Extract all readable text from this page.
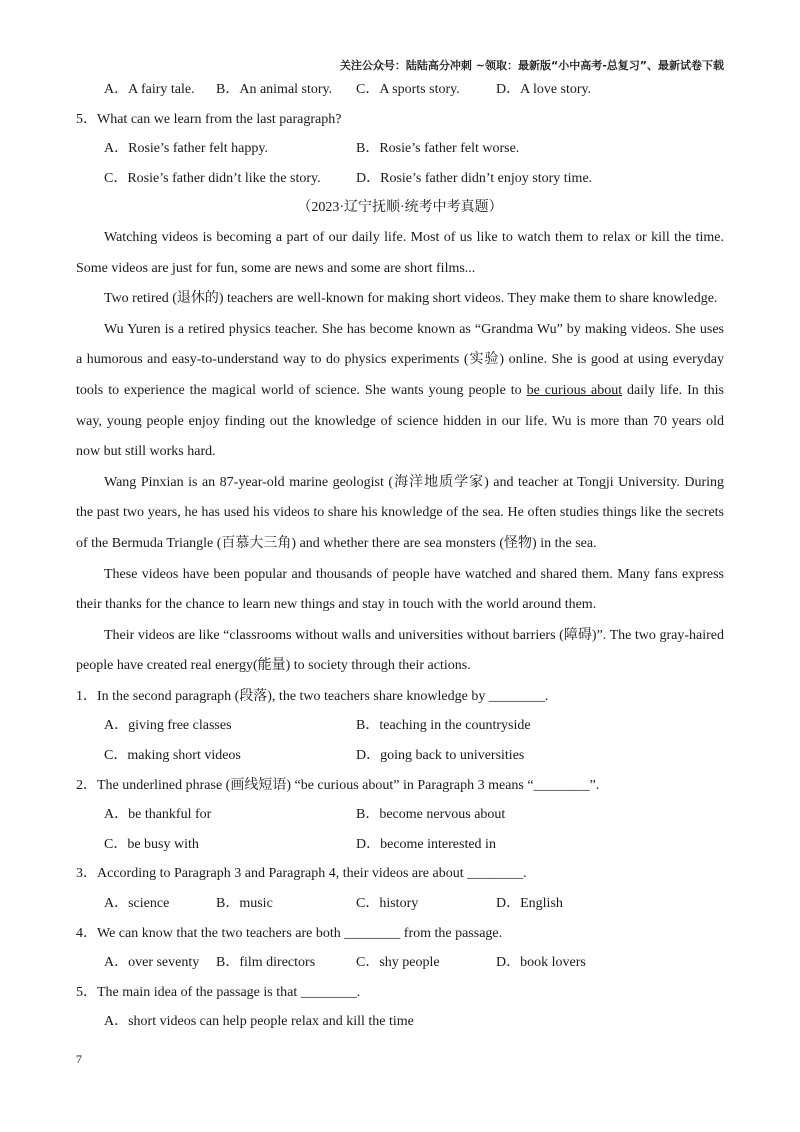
关注公众号：陆陆高分冲刺 ~领取：最新版“小中高考-总复习”、最新试卷下载
A．A fairy tale. B．An animal story. C．A sports story.	D．A love story.
5．What can we learn from the last paragraph?
A．Rosie’s father felt happy.	B．Rosie’s father felt worse.
C．Rosie’s father didn’t like the story.	D．Rosie’s father didn’t enjoy story time.
（2023·辽宁抚顺·统考中考真题）

Watching videos is becoming a part of our daily life. Most of us like to watch them to relax or kill the time. Some videos are just for fun, some are news and some are short films...

Two retired (退休的) teachers are well-known for making short videos. They make them to share knowledge.

Wu Yuren is a retired physics teacher. She has become known as “Grandma Wu” by making videos. She uses a humorous and easy-to-understand way to do physics experiments (实验) online. She is good at using everyday tools to experience the magical world of science. She wants young people to be curious about daily life. In this way, young people enjoy finding out the knowledge of science hidden in our life. Wu is more than 70 years old now but still works hard.

Wang Pinxian is an 87-year-old marine geologist (海洋地质学家) and teacher at Tongji University. During the past two years, he has used his videos to share his knowledge of the sea. He often studies things like the secrets of the Bermuda Triangle (百慕大三角) and whether there are sea monsters (怪物) in the sea.

These videos have been popular and thousands of people have watched and shared them. Many fans express their thanks for the chance to learn new things and stay in touch with the world around them.

Their videos are like “classrooms without walls and universities without barriers (障碍)”. The two gray-haired people have created real energy(能量) to society through their actions.

1．In the second paragraph (段落), the two teachers share knowledge by ________.
A．giving free classes	B．teaching in the countryside
C．making short videos	D．going back to universities
2．The underlined phrase (画线短语) “be curious about” in Paragraph 3 means “________”.
A．be thankful for	B．become nervous about
C．be busy with	D．become interested in
3．According to Paragraph 3 and Paragraph 4, their videos are about ________.
A．science	B．music	C．history	D．English
4．We can know that the two teachers are both ________ from the passage.
A．over seventy B．film directors	C．shy people	D．book lovers
5．The main idea of the passage is that ________.
A．short videos can help people relax and kill the time
7
